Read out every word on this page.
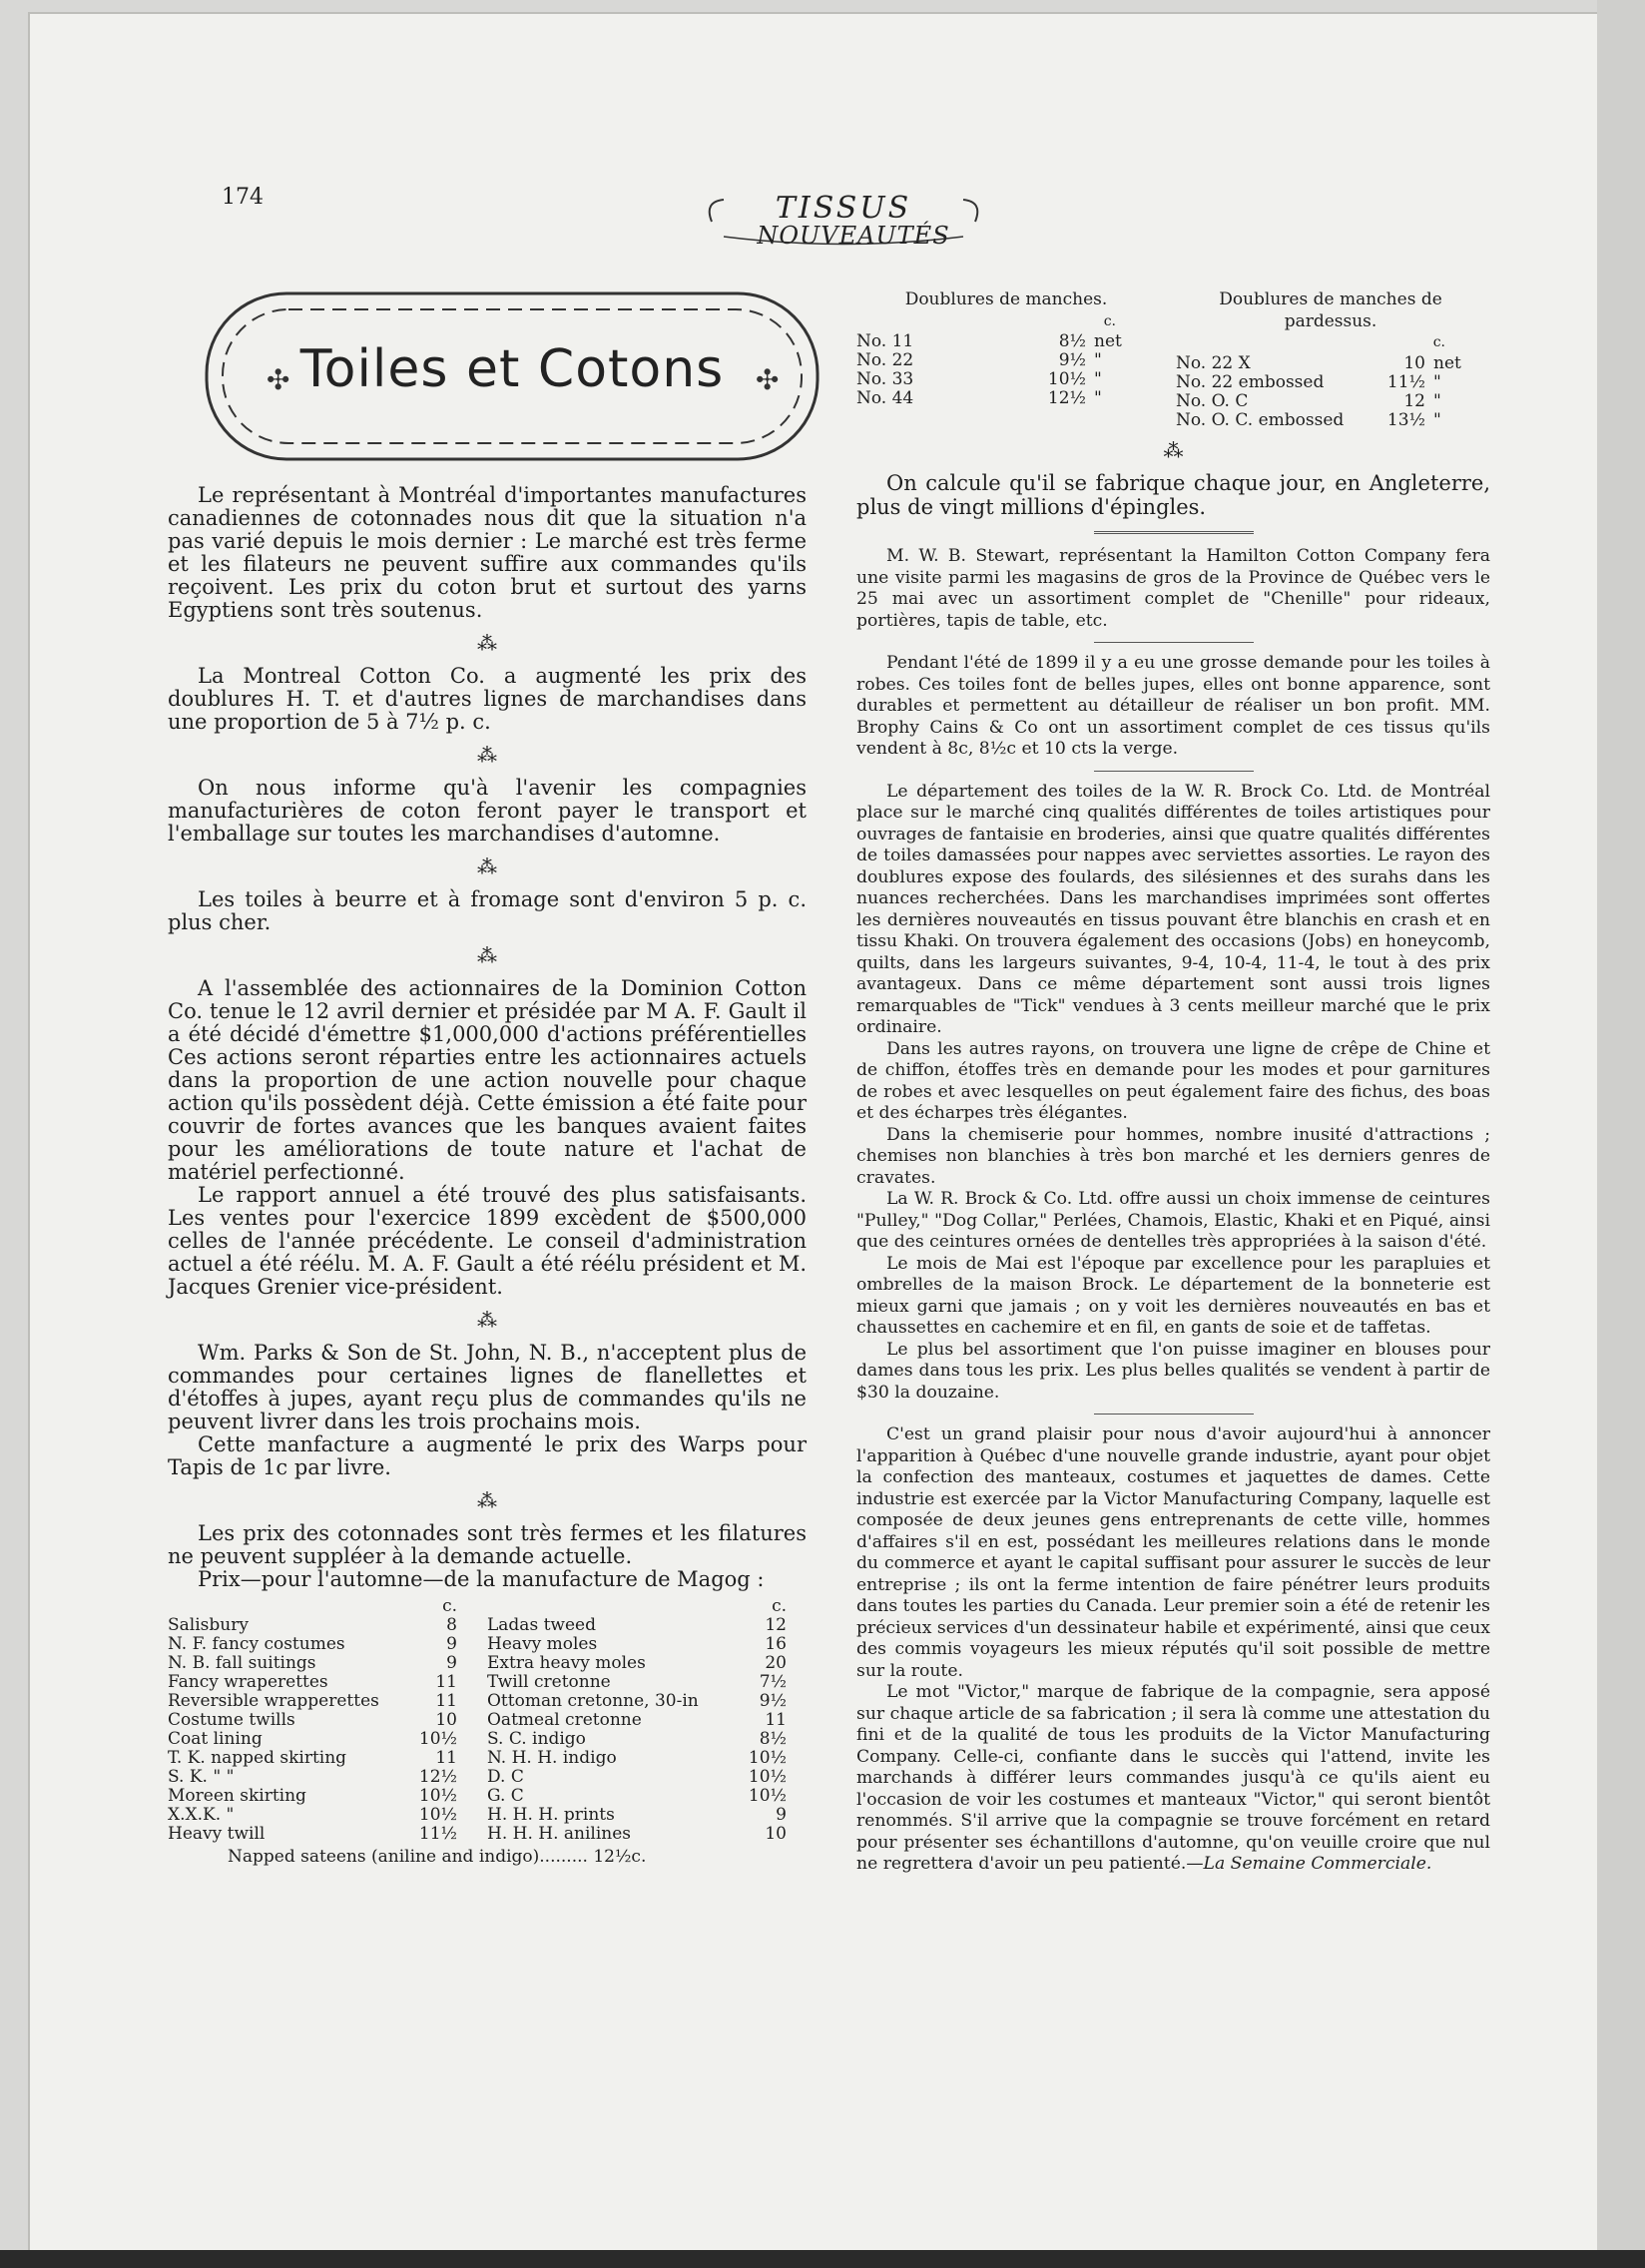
174	TISSUS
NOUVEAUTÉS
✣	✣
Toiles et Cotons

Le représentant à Montréal d'importantes manufactures canadiennes de cotonnades nous dit que la situation n'a pas varié depuis le mois dernier : Le marché est très ferme et les filateurs ne peuvent suffire aux commandes qu'ils reçoivent. Les prix du coton brut et surtout des yarns Egyptiens sont très soutenus.

⁂

La Montreal Cotton Co. a augmenté les prix des doublures H. T. et d'autres lignes de marchandises dans une proportion de 5 à 7½ p. c.

⁂

On nous informe qu'à l'avenir les compagnies manufacturières de coton feront payer le transport et l'emballage sur toutes les marchandises d'automne.

⁂

Les toiles à beurre et à fromage sont d'environ 5 p. c. plus cher.

⁂

A l'assemblée des actionnaires de la Dominion Cotton Co. tenue le 12 avril dernier et présidée par M A. F. Gault il a été décidé d'émettre $1,000,000 d'actions préférentielles Ces actions seront réparties entre les actionnaires actuels dans la proportion de une action nouvelle pour chaque action qu'ils possèdent déjà. Cette émission a été faite pour couvrir de fortes avances que les banques avaient faites pour les améliorations de toute nature et l'achat de matériel perfectionné.

Le rapport annuel a été trouvé des plus satisfaisants. Les ventes pour l'exercice 1899 excèdent de $500,000 celles de l'année précédente. Le conseil d'administration actuel a été réélu. M. A. F. Gault a été réélu président et M. Jacques Grenier vice-président.

⁂

Wm. Parks & Son de St. John, N. B., n'acceptent plus de commandes pour certaines lignes de flanellettes et d'étoffes à jupes, ayant reçu plus de commandes qu'ils ne peuvent livrer dans les trois prochains mois.

Cette manfacture a augmenté le prix des Warps pour Tapis de 1c par livre.

⁂

Les prix des cotonnades sont très fermes et les filatures ne peuvent suppléer à la demande actuelle.

Prix—pour l'automne—de la manufacture de Magog :

	c.
Salisbury	8
N. F. fancy costumes	9
N. B. fall suitings	9
Fancy wraperettes	11
Reversible wrapperettes	11
Costume twills	10
Coat lining	10½
T. K. napped skirting	11
S. K. " "	12½
Moreen skirting	10½
X.X.K. "	10½
Heavy twill	11½
	c.
Ladas tweed	12
Heavy moles	16
Extra heavy moles	20
Twill cretonne	7½
Ottoman cretonne, 30-in	9½
Oatmeal cretonne	11
S. C. indigo	8½
N. H. H. indigo	10½
D. C	10½
G. C	10½
H. H. H. prints	9
H. H. H. anilines	10
Napped sateens (aniline and indigo)......... 12½c.
Doublures de manches.
c.
No. 11	8½	net
No. 22	9½	"
No. 33	10½	"
No. 44	12½	"
Doublures de manches de pardessus.
c.
No. 22 X	10	net
No. 22 embossed	11½	"
No. O. C	12	"
No. O. C. embossed	13½	"
⁂

On calcule qu'il se fabrique chaque jour, en Angleterre, plus de vingt millions d'épingles.

M. W. B. Stewart, représentant la Hamilton Cotton Company fera une visite parmi les magasins de gros de la Province de Québec vers le 25 mai avec un assortiment complet de "Chenille" pour rideaux, portières, tapis de table, etc.

Pendant l'été de 1899 il y a eu une grosse demande pour les toiles à robes. Ces toiles font de belles jupes, elles ont bonne apparence, sont durables et permettent au détailleur de réaliser un bon profit. MM. Brophy Cains & Co ont un assortiment complet de ces tissus qu'ils vendent à 8c, 8½c et 10 cts la verge.

Le département des toiles de la W. R. Brock Co. Ltd. de Montréal place sur le marché cinq qualités différentes de toiles artistiques pour ouvrages de fantaisie en broderies, ainsi que quatre qualités différentes de toiles damassées pour nappes avec serviettes assorties. Le rayon des doublures expose des foulards, des silésiennes et des surahs dans les nuances recherchées. Dans les marchandises imprimées sont offertes les dernières nouveautés en tissus pouvant être blanchis en crash et en tissu Khaki. On trouvera également des occasions (Jobs) en honeycomb, quilts, dans les largeurs suivantes, 9-4, 10-4, 11-4, le tout à des prix avantageux. Dans ce même département sont aussi trois lignes remarquables de "Tick" vendues à 3 cents meilleur marché que le prix ordinaire.

Dans les autres rayons, on trouvera une ligne de crêpe de Chine et de chiffon, étoffes très en demande pour les modes et pour garnitures de robes et avec lesquelles on peut également faire des fichus, des boas et des écharpes très élégantes.

Dans la chemiserie pour hommes, nombre inusité d'attractions ; chemises non blanchies à très bon marché et les derniers genres de cravates.

La W. R. Brock & Co. Ltd. offre aussi un choix immense de ceintures "Pulley," "Dog Collar," Perlées, Chamois, Elastic, Khaki et en Piqué, ainsi que des ceintures ornées de dentelles très appropriées à la saison d'été.

Le mois de Mai est l'époque par excellence pour les parapluies et ombrelles de la maison Brock. Le département de la bonneterie est mieux garni que jamais ; on y voit les dernières nouveautés en bas et chaussettes en cachemire et en fil, en gants de soie et de taffetas.

Le plus bel assortiment que l'on puisse imaginer en blouses pour dames dans tous les prix. Les plus belles qualités se vendent à partir de $30 la douzaine.

C'est un grand plaisir pour nous d'avoir aujourd'hui à annoncer l'apparition à Québec d'une nouvelle grande industrie, ayant pour objet la confection des manteaux, costumes et jaquettes de dames. Cette industrie est exercée par la Victor Manufacturing Company, laquelle est composée de deux jeunes gens entreprenants de cette ville, hommes d'affaires s'il en est, possédant les meilleures relations dans le monde du commerce et ayant le capital suffisant pour assurer le succès de leur entreprise ; ils ont la ferme intention de faire pénétrer leurs produits dans toutes les parties du Canada. Leur premier soin a été de retenir les précieux services d'un dessinateur habile et expérimenté, ainsi que ceux des commis voyageurs les mieux réputés qu'il soit possible de mettre sur la route.

Le mot "Victor," marque de fabrique de la compagnie, sera apposé sur chaque article de sa fabrication ; il sera là comme une attestation du fini et de la qualité de tous les produits de la Victor Manufacturing Company. Celle-ci, confiante dans le succès qui l'attend, invite les marchands à différer leurs commandes jusqu'à ce qu'ils aient eu l'occasion de voir les costumes et manteaux "Victor," qui seront bientôt renommés. S'il arrive que la compagnie se trouve forcément en retard pour présenter ses échantillons d'automne, qu'on veuille croire que nul ne regrettera d'avoir un peu patienté.—La Semaine Commerciale.
